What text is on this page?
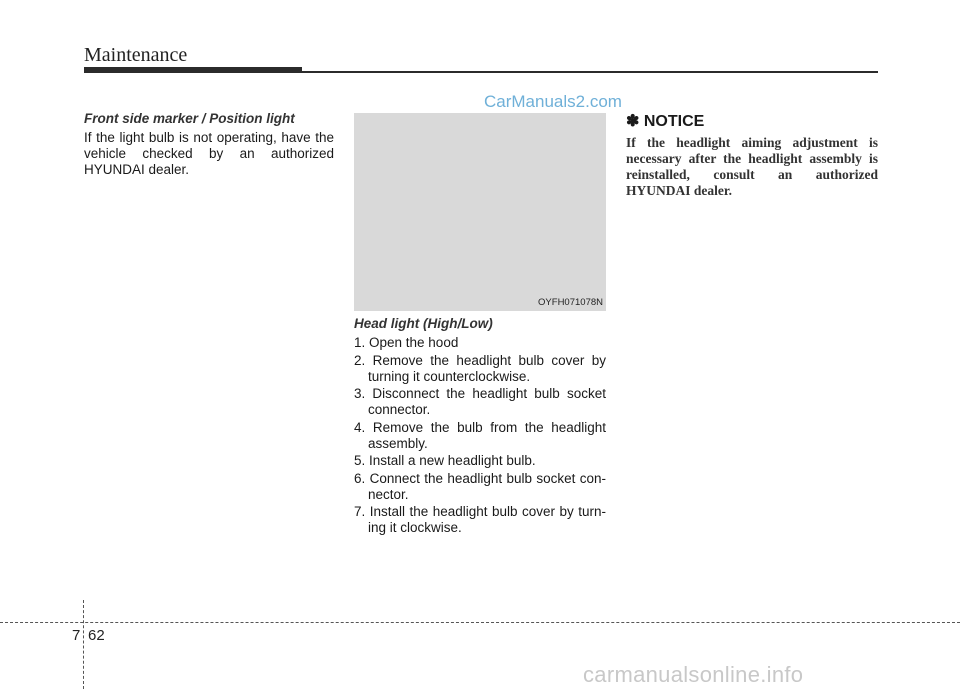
Maintenance
CarManuals2.com

Front side marker / Position light

If the light bulb is not operating, have the vehicle checked by an authorized HYUNDAI dealer.

OYFH071078N

Head light (High/Low)

1. Open the hood
2. Remove the headlight bulb cover by turning it counterclockwise.
3. Disconnect the headlight bulb socket connector.
4. Remove the bulb from the headlight assembly.
5. Install a new headlight bulb.
6. Connect the headlight bulb socket con-nector.
7. Install the headlight bulb cover by turn-ing it clockwise.

✽ NOTICE

If the headlight aiming adjustment is necessary after the headlight assembly is reinstalled, consult an authorized HYUNDAI dealer.

7 62
carmanualsonline.info
